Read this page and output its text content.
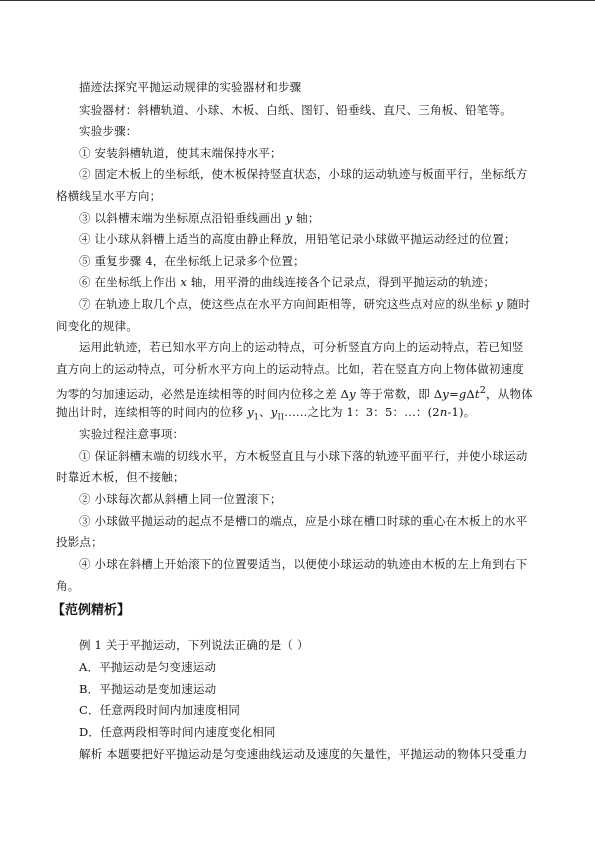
描迹法探究平抛运动规律的实验器材和步骤
实验器材：斜槽轨道、小球、木板、白纸、图钉、铅垂线、直尺、三角板、铅笔等。
实验步骤：
① 安装斜槽轨道，使其末端保持水平；
② 固定木板上的坐标纸，使木板保持竖直状态，小球的运动轨迹与板面平行，坐标纸方
格横线呈水平方向；
③ 以斜槽末端为坐标原点沿铅垂线画出 y 轴；
④ 让小球从斜槽上适当的高度由静止释放，用铅笔记录小球做平抛运动经过的位置；
⑤ 重复步骤 4，在坐标纸上记录多个位置；
⑥ 在坐标纸上作出 x 轴，用平滑的曲线连接各个记录点，得到平抛运动的轨迹；
⑦ 在轨迹上取几个点，使这些点在水平方向间距相等，研究这些点对应的纵坐标 y 随时
间变化的规律。
运用此轨迹，若已知水平方向上的运动特点，可分析竖直方向上的运动特点，若已知竖
直方向上的运动特点，可分析水平方向上的运动特点。比如，若在竖直方向上物体做初速度
为零的匀加速运动，必然是连续相等的时间内位移之差 Δy 等于常数，即 Δy=gΔt$^2$，从物体
抛出计时，连续相等的时间内的位移 $y_1$、$y_{II}\dots\dots$之比为 1：3：5：…：(2n-1)。
实验过程注意事项：
① 保证斜槽末端的切线水平，方木板竖直且与小球下落的轨迹平面平行，并使小球运动
时靠近木板，但不接触；
② 小球每次都从斜槽上同一位置滚下；
③ 小球做平抛运动的起点不是槽口的端点，应是小球在槽口时球的重心在木板上的水平
投影点；
④ 小球在斜槽上开始滚下的位置要适当，以便使小球运动的轨迹由木板的左上角到右下
角。
【范例精析】
例 1 关于平抛运动，下列说法正确的是（ ）
A．平抛运动是匀变速运动
B．平抛运动是变加速运动
C．任意两段时间内加速度相同
D．任意两段相等时间内速度变化相同
解析 本题要把好平抛运动是匀变速曲线运动及速度的矢量性，平抛运动的物体只受重力
